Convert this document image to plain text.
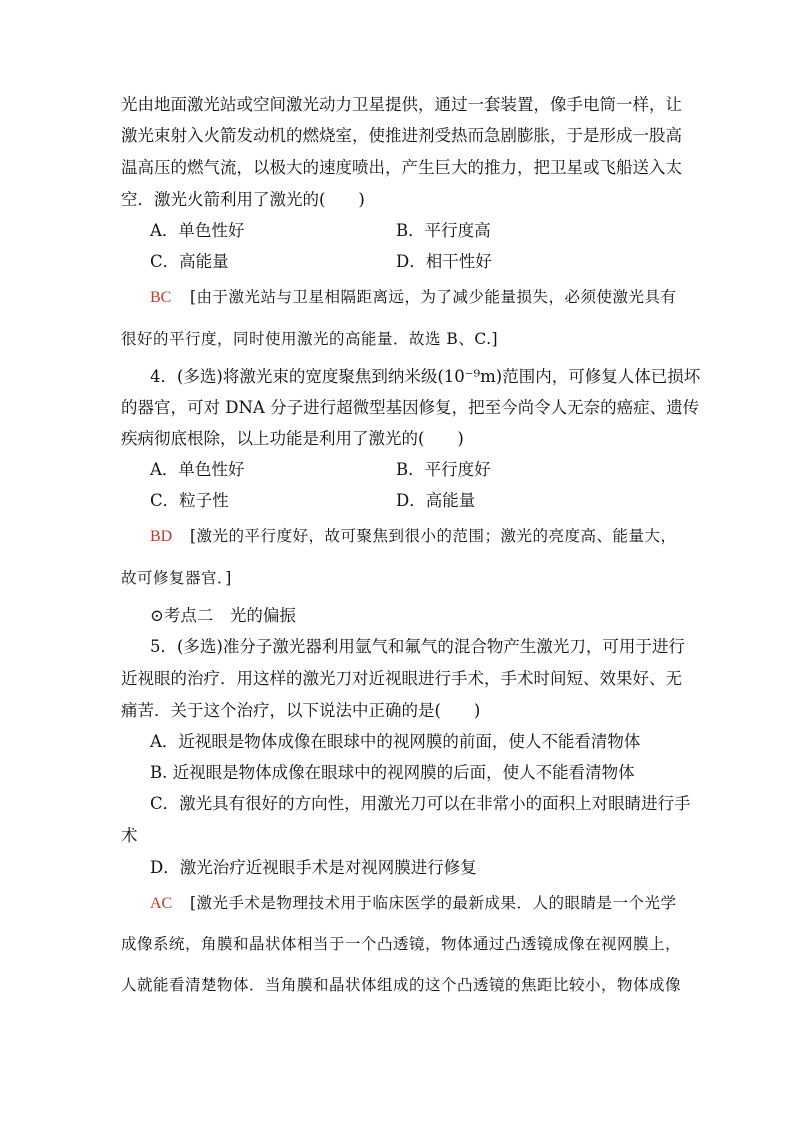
光由地面激光站或空间激光动力卫星提供，通过一套装置，像手电筒一样，让
激光束射入火箭发动机的燃烧室，使推进剂受热而急剧膨胀，于是形成一股高
温高压的燃气流，以极大的速度喷出，产生巨大的推力，把卫星或飞船送入太
空．激光火箭利用了激光的(　　)
A．单色性好	B．平行度高
C．高能量	D．相干性好
BC [由于激光站与卫星相隔距离远，为了减少能量损失，必须使激光具有
很好的平行度，同时使用激光的高能量．故选 B、C.]
4．(多选)将激光束的宽度聚焦到纳米级(10⁻⁹m)范围内，可修复人体已损坏
的器官，可对 DNA 分子进行超微型基因修复，把至今尚令人无奈的癌症、遗传
疾病彻底根除，以上功能是利用了激光的(　　)
A．单色性好	B．平行度好
C．粒子性	D．高能量
BD [激光的平行度好，故可聚焦到很小的范围；激光的亮度高、能量大，
故可修复器官．]
⊙考点二　光的偏振
5．(多选)准分子激光器利用氩气和氟气的混合物产生激光刀，可用于进行
近视眼的治疗．用这样的激光刀对近视眼进行手术，手术时间短、效果好、无
痛苦．关于这个治疗，以下说法中正确的是(　　)
A．近视眼是物体成像在眼球中的视网膜的前面，使人不能看清物体
B. 近视眼是物体成像在眼球中的视网膜的后面，使人不能看清物体
C．激光具有很好的方向性，用激光刀可以在非常小的面积上对眼睛进行手
术
D．激光治疗近视眼手术是对视网膜进行修复
AC [激光手术是物理技术用于临床医学的最新成果．人的眼睛是一个光学
成像系统，角膜和晶状体相当于一个凸透镜，物体通过凸透镜成像在视网膜上，
人就能看清楚物体．当角膜和晶状体组成的这个凸透镜的焦距比较小，物体成像
